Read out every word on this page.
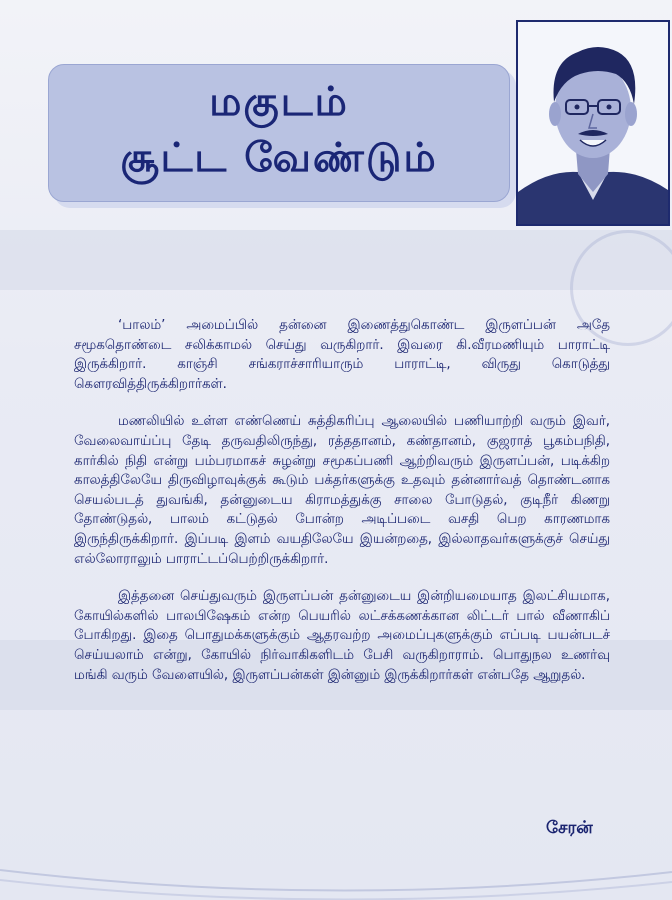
மகுடம்
சூட்ட வேண்டும்

‘பாலம்’ அமைப்பில் தன்னை இணைத்துகொண்ட இருளப்பன் அதே சமூகதொண்டை சலிக்காமல் செய்து வருகிறார். இவரை கி.வீரமணியும் பாராட்டி இருக்கிறார். காஞ்சி சங்கராச்சாரியாரும் பாராட்டி, விருது கொடுத்து கௌரவித்திருக்கிறார்கள்.

மணலியில் உள்ள எண்ணெய் சுத்திகரிப்பு ஆலையில் பணியாற்றி வரும் இவர், வேலைவாய்ப்பு தேடி தருவதிலிருந்து, ரத்ததானம், கண்தானம், குஜராத் பூகம்பநிதி, கார்கில் நிதி என்று பம்பரமாகச் சுழன்று சமூகப்பணி ஆற்றிவரும் இருளப்பன், படிக்கிற காலத்திலேயே திருவிழாவுக்குக் கூடும் பக்தர்களுக்கு உதவும் தன்னார்வத் தொண்டனாக செயல்படத் துவங்கி, தன்னுடைய கிராமத்துக்கு சாலை போடுதல், குடிநீர் கிணறு தோண்டுதல், பாலம் கட்டுதல் போன்ற அடிப்படை வசதி பெற காரணமாக இருந்திருக்கிறார். இப்படி இளம் வயதிலேயே இயன்றதை, இல்லாதவர்களுக்குச் செய்து எல்லோராலும் பாராட்டப்பெற்றிருக்கிறார்.

இத்தனை செய்துவரும் இருளப்பன் தன்னுடைய இன்றியமையாத இலட்சியமாக, கோயில்களில் பாலபிஷேகம் என்ற பெயரில் லட்சக்கணக்கான லிட்டர் பால் வீணாகிப் போகிறது. இதை பொதுமக்களுக்கும் ஆதரவற்ற அமைப்புகளுக்கும் எப்படி பயன்படச் செய்யலாம் என்று, கோயில் நிர்வாகிகளிடம் பேசி வருகிறாராம். பொதுநல உணர்வு மங்கி வரும் வேளையில், இருளப்பன்கள் இன்னும் இருக்கிறார்கள் என்பதே ஆறுதல்.

சேரன்
